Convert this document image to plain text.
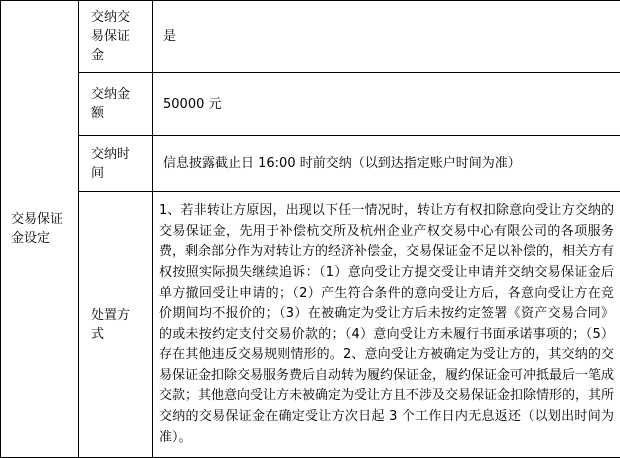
交易保证金设定	交纳交易保证金	是

	交纳金额	50000 元

	交纳时间	信息披露截止日 16:00 时前交纳（以到达指定账户时间为准）

	处置方式	1、若非转让方原因，出现以下任一情况时，转让方有权扣除意向受让方交纳的交易保证金，先用于补偿杭交所及杭州企业产权交易中心有限公司的各项服务费，剩余部分作为对转让方的经济补偿金，交易保证金不足以补偿的，相关方有权按照实际损失继续追诉：（1）意向受让方提交受让申请并交纳交易保证金后单方撤回受让申请的；（2）产生符合条件的意向受让方后，各意向受让方在竞价期间均不报价的；（3）在被确定为受让方后未按约定签署《资产交易合同》的或未按约定支付交易价款的；（4）意向受让方未履行书面承诺事项的；（5）存在其他违反交易规则情形的。2、意向受让方被确定为受让方的，其交纳的交易保证金扣除交易服务费后自动转为履约保证金，履约保证金可冲抵最后一笔成交款；其他意向受让方未被确定为受让方且不涉及交易保证金扣除情形的，其所交纳的交易保证金在确定受让方次日起 3 个工作日内无息返还（以划出时间为准）。
